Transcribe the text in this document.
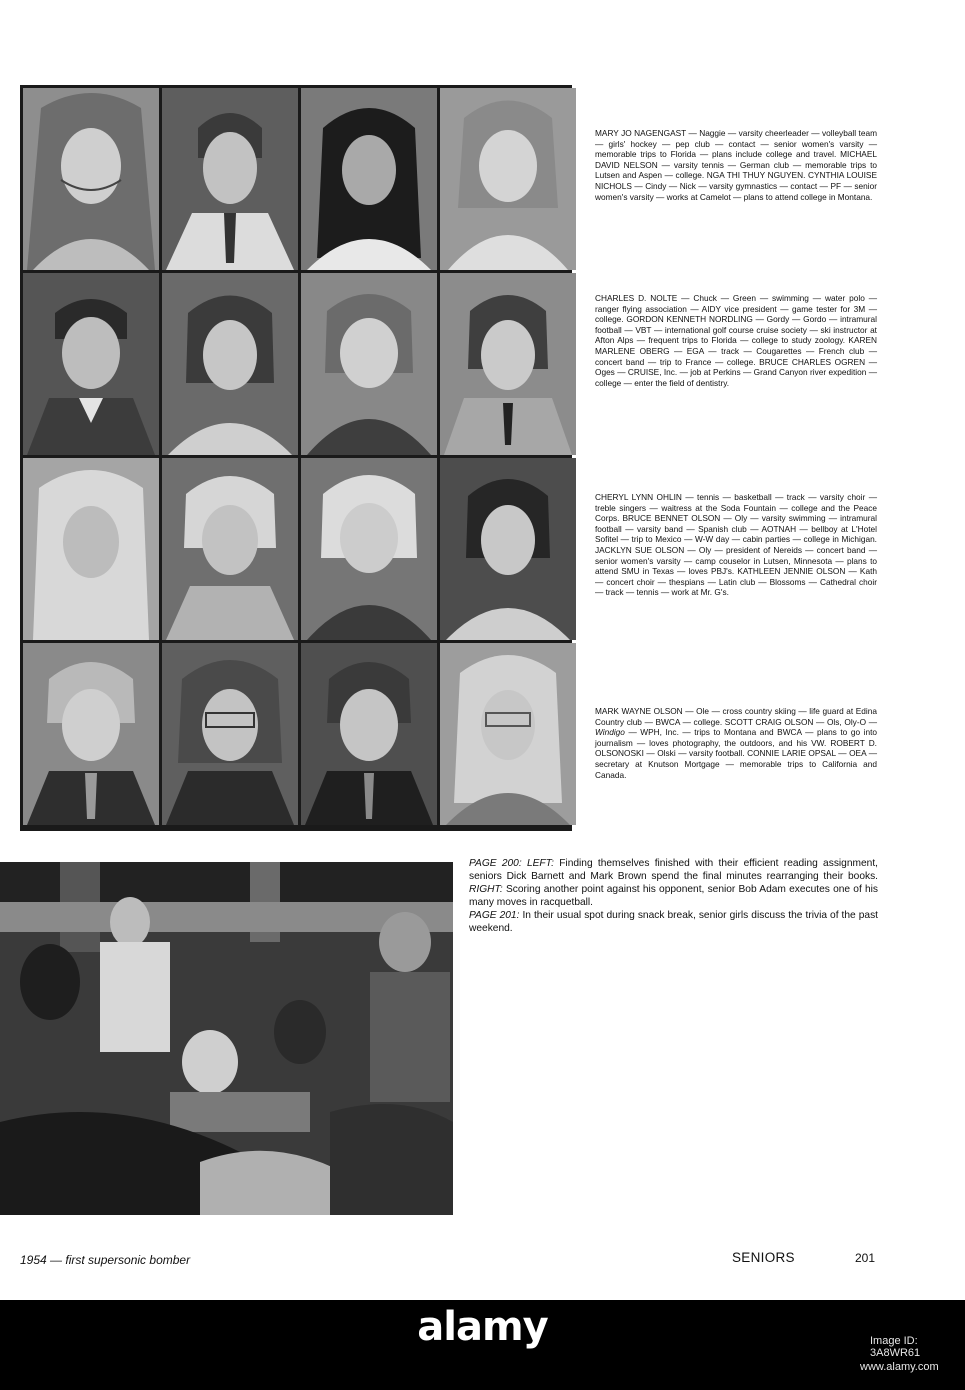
MARY JO NAGENGAST — Naggie — varsity cheerleader — volleyball team — girls' hockey — pep club — contact — senior women's varsity — memorable trips to Florida — plans include college and travel. MICHAEL DAVID NELSON — varsity tennis — German club — memorable trips to Lutsen and Aspen — college. NGA THI THUY NGUYEN. CYNTHIA LOUISE NICHOLS — Cindy — Nick — varsity gymnastics — contact — PF — senior women's varsity — works at Camelot — plans to attend college in Montana.

CHARLES D. NOLTE — Chuck — Green — swimming — water polo — ranger flying association — AIDY vice president — game tester for 3M — college. GORDON KENNETH NORDLING — Gordy — Gordo — intramural football — VBT — international golf course cruise society — ski instructor at Afton Alps — frequent trips to Florida — college to study zoology. KAREN MARLENE OBERG — EGA — track — Cougarettes — French club — concert band — trip to France — college. BRUCE CHARLES OGREN — Oges — CRUISE, Inc. — job at Perkins — Grand Canyon river expedition — college — enter the field of dentistry.

CHERYL LYNN OHLIN — tennis — basketball — track — varsity choir — treble singers — waitress at the Soda Fountain — college and the Peace Corps. BRUCE BENNET OLSON — Oly — varsity swimming — intramural football — varsity band — Spanish club — AOTNAH — bellboy at L'Hotel Sofitel — trip to Mexico — W-W day — cabin parties — college in Michigan. JACKLYN SUE OLSON — Oly — president of Nereids — concert band — senior women's varsity — camp couselor in Lutsen, Minnesota — plans to attend SMU in Texas — loves PBJ's. KATHLEEN JENNIE OLSON — Kath — concert choir — thespians — Latin club — Blossoms — Cathedral choir — track — tennis — work at Mr. G's.

MARK WAYNE OLSON — Ole — cross country skiing — life guard at Edina Country club — BWCA — college. SCOTT CRAIG OLSON — Ols, Oly-O — Windigo — WPH, Inc. — trips to Montana and BWCA — plans to go into journalism — loves photography, the outdoors, and his VW. ROBERT D. OLSONOSKI — Olski — varsity football. CONNIE LARIE OPSAL — OEA — secretary at Knutson Mortgage — memorable trips to California and Canada.

PAGE 200: LEFT: Finding themselves finished with their efficient reading assignment, seniors Dick Barnett and Mark Brown spend the final minutes rearranging their books. RIGHT: Scoring another point against his opponent, senior Bob Adam executes one of his many moves in racquetball.
PAGE 201: In their usual spot during snack break, senior girls discuss the trivia of the past weekend.

1954 — first supersonic bomber	SENIORS	201
alamy	Image ID: 3A8WR61
www.alamy.com
